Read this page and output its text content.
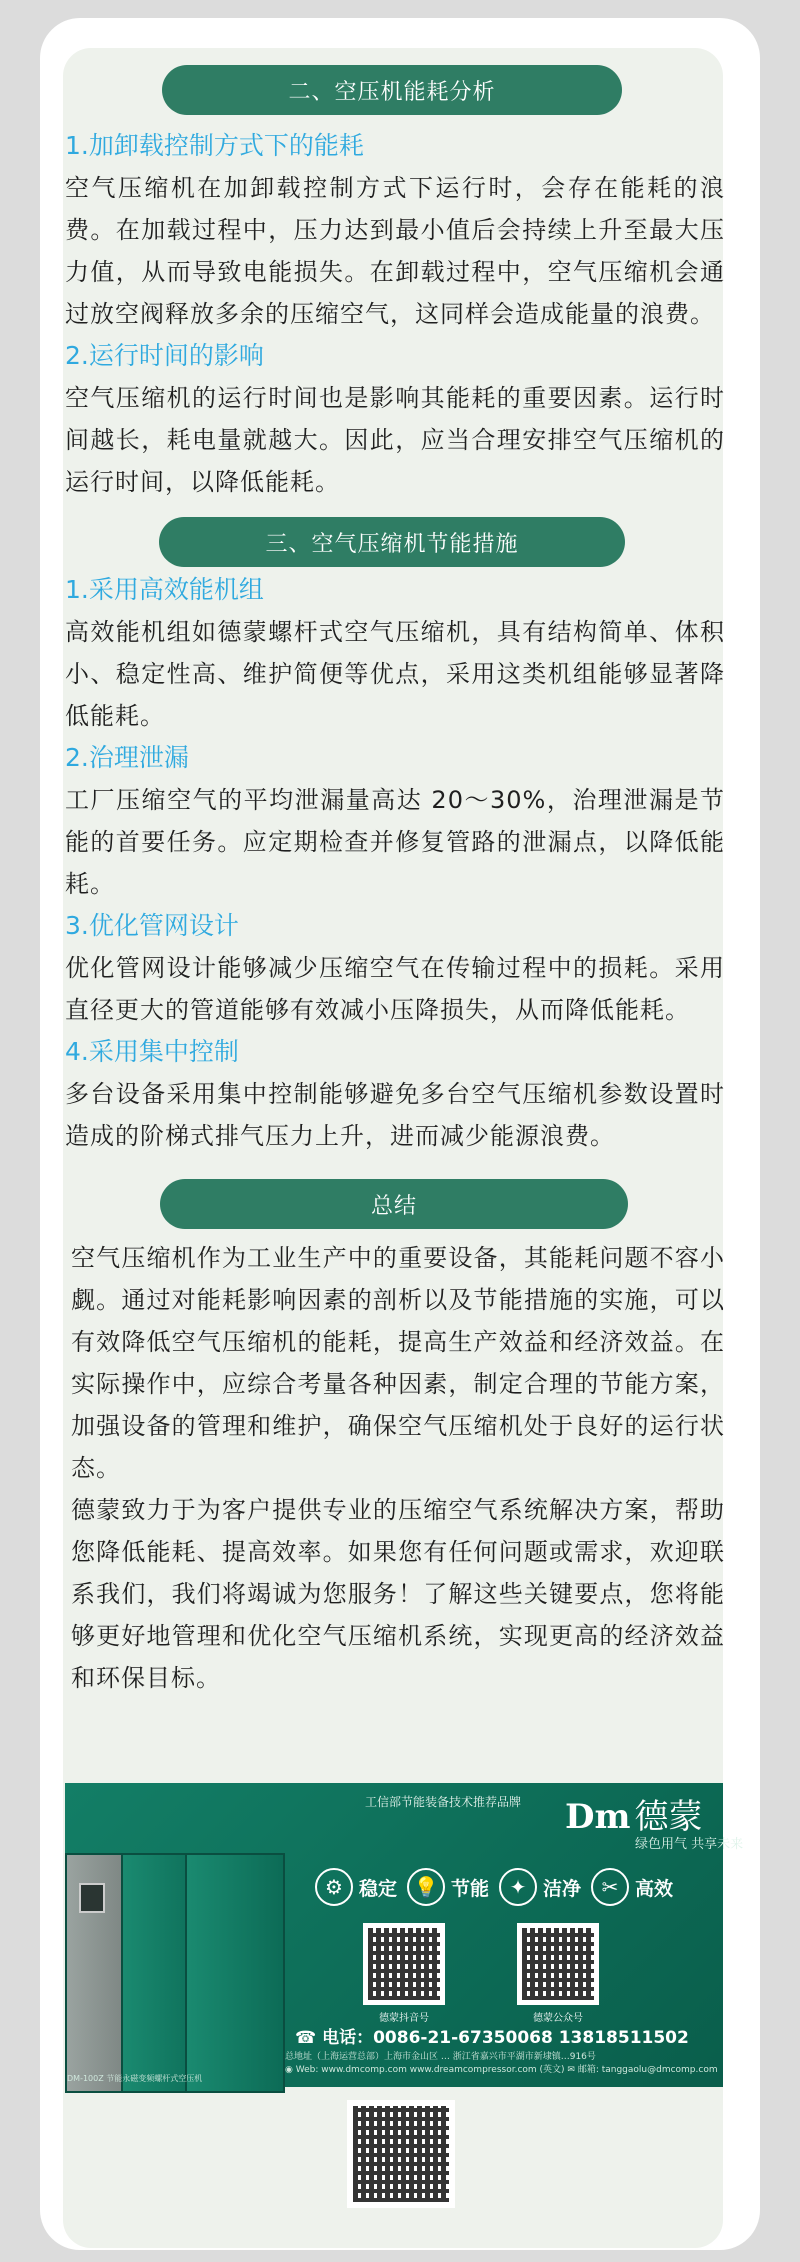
二、空压机能耗分析
1.加卸载控制方式下的能耗
空气压缩机在加卸载控制方式下运行时，会存在能耗的浪费。在加载过程中，压力达到最小值后会持续上升至最大压力值，从而导致电能损失。在卸载过程中，空气压缩机会通过放空阀释放多余的压缩空气，这同样会造成能量的浪费。
2.运行时间的影响
空气压缩机的运行时间也是影响其能耗的重要因素。运行时间越长，耗电量就越大。因此，应当合理安排空气压缩机的运行时间，以降低能耗。
三、空气压缩机节能措施
1.采用高效能机组
高效能机组如德蒙螺杆式空气压缩机，具有结构简单、体积小、稳定性高、维护简便等优点，采用这类机组能够显著降低能耗。
2.治理泄漏
工厂压缩空气的平均泄漏量高达 20～30%，治理泄漏是节能的首要任务。应定期检查并修复管路的泄漏点，以降低能耗。
3.优化管网设计
优化管网设计能够减少压缩空气在传输过程中的损耗。采用直径更大的管道能够有效减小压降损失，从而降低能耗。
4.采用集中控制
多台设备采用集中控制能够避免多台空气压缩机参数设置时造成的阶梯式排气压力上升，进而减少能源浪费。
总结
空气压缩机作为工业生产中的重要设备，其能耗问题不容小觑。通过对能耗影响因素的剖析以及节能措施的实施，可以有效降低空气压缩机的能耗，提高生产效益和经济效益。在实际操作中，应综合考量各种因素，制定合理的节能方案，加强设备的管理和维护，确保空气压缩机处于良好的运行状态。
德蒙致力于为客户提供专业的压缩空气系统解决方案，帮助您降低能耗、提高效率。如果您有任何问题或需求，欢迎联系我们，我们将竭诚为您服务！了解这些关键要点，您将能够更好地管理和优化空气压缩机系统，实现更高的经济效益和环保目标。
工信部节能装备技术推荐品牌 Dm 德蒙
绿色用气 共享未来
⚙ 稳定 💡 节能	✦ 洁净	✂ 高效
德蒙抖音号	德蒙公众号
☎ 电话：0086-21-67350068 13818511502
总地址（上海运营总部）上海市金山区 … 浙江省嘉兴市平湖市新埭镇…916号
◉ Web: www.dmcomp.com www.dreamcompressor.com (英文) ✉ 邮箱: tanggaolu@dmcomp.com
DM-100Z 节能永磁变频螺杆式空压机
